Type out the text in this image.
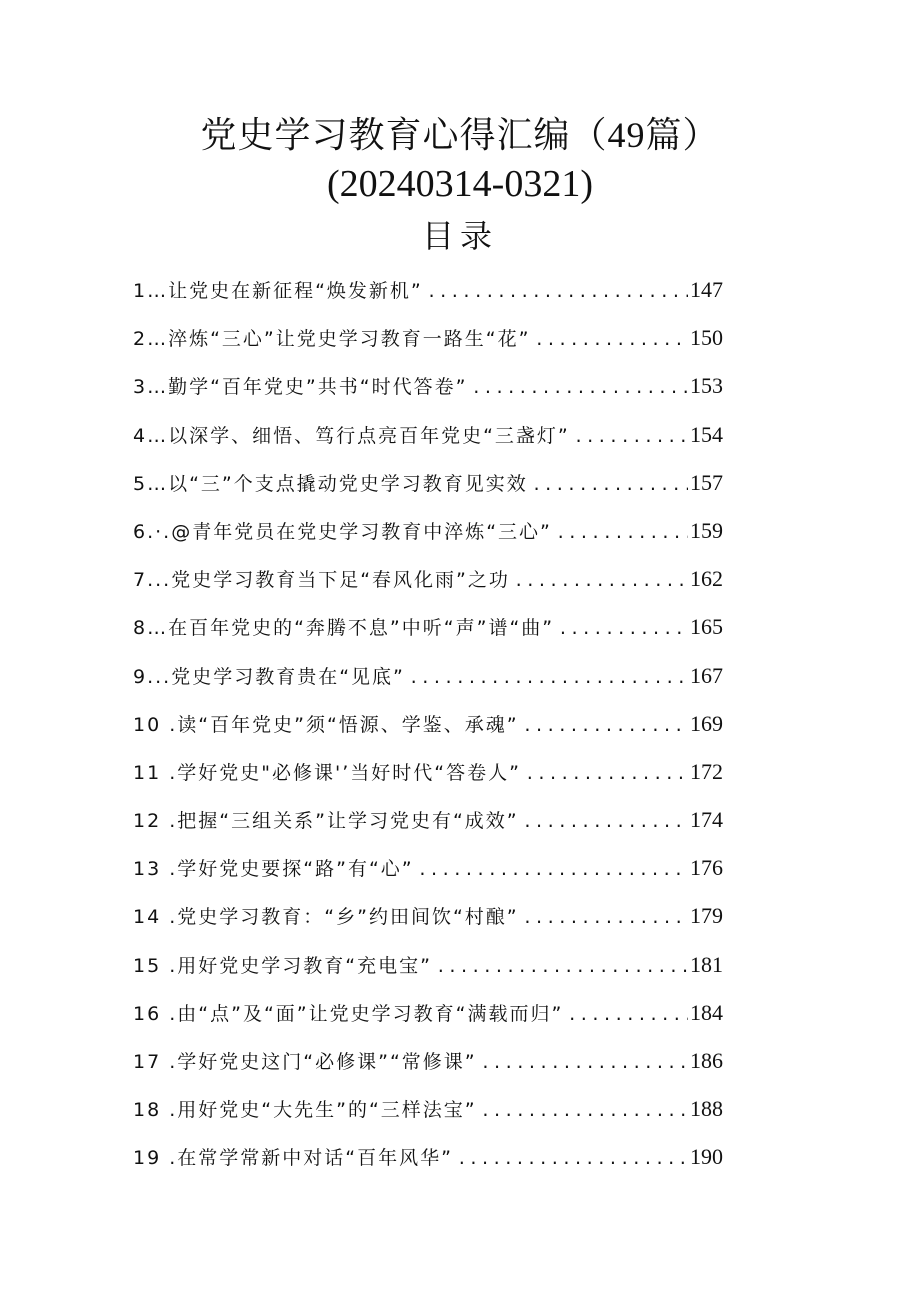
党史学习教育心得汇编（49篇）
(20240314-0321)
目录
1…让党史在新征程“焕发新机” .....	147
2…淬炼“三心”让党史学习教育一路生“花” .....	150
3…勤学“百年党史”共书“时代答卷” .....	153
4…以深学、细悟、笃行点亮百年党史“三盏灯” .....	154
5…以“三”个支点撬动党史学习教育见实效 .....	157
6.·.@青年党员在党史学习教育中淬炼“三心” .....	159
7...党史学习教育当下足“春风化雨”之功 .....	162
8…在百年党史的“奔腾不息”中听“声”谱“曲” .....	165
9...党史学习教育贵在“见底” .....	167
10 .读“百年党史”须“悟源、学鉴、承魂” .....	169
11 .学好党史"必修课'’当好时代“答卷人” .....	172
12 .把握“三组关系”让学习党史有“成效” .....	174
13 .学好党史要探“路”有“心” .....	176
14 .党史学习教育：“乡”约田间饮“村酿” .....	179
15 .用好党史学习教育“充电宝” .....	181
16 .由“点”及“面”让党史学习教育“满载而归” .....	184
17 .学好党史这门“必修课”“常修课” .....	186
18 .用好党史“大先生”的“三样法宝” .....	188
19 .在常学常新中对话“百年风华” .....	190
